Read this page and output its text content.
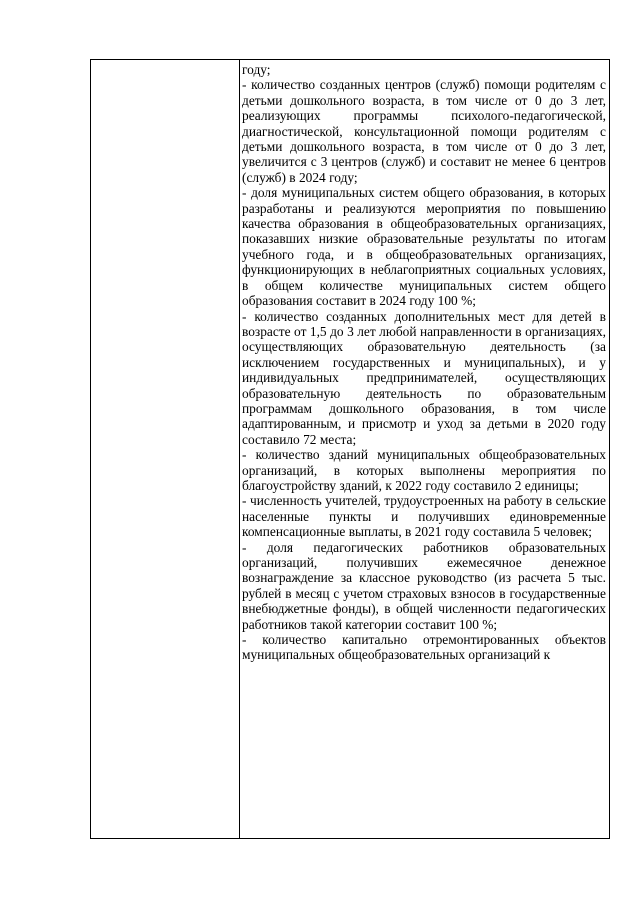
году;

- количество созданных центров (служб) помощи родителям с детьми дошкольного возраста, в том числе от 0 до 3 лет, реализующих программы психолого-педагогической, диагностической, консультационной помощи родителям с детьми дошкольного возраста, в том числе от 0 до 3 лет, увеличится с 3 центров (служб) и составит не менее 6 центров (служб) в 2024 году;

- доля муниципальных систем общего образования, в которых разработаны и реализуются мероприятия по повышению качества образования в общеобразовательных организациях, показавших низкие образовательные результаты по итогам учебного года, и в общеобразовательных организациях, функционирующих в неблагоприятных социальных условиях, в общем количестве муниципальных систем общего образования составит в 2024 году 100 %;

- количество созданных дополнительных мест для детей в возрасте от 1,5 до 3 лет любой направленности в организациях, осуществляющих образовательную деятельность (за исключением государственных и муниципальных), и у индивидуальных предпринимателей, осуществляющих образовательную деятельность по образовательным программам дошкольного образования, в том числе адаптированным, и присмотр и уход за детьми в 2020 году составило 72 места;

- количество зданий муниципальных общеобразовательных организаций, в которых выполнены мероприятия по благоустройству зданий, к 2022 году составило 2 единицы;

- численность учителей, трудоустроенных на работу в сельские населенные пункты и получивших единовременные компенсационные выплаты, в 2021 году составила 5 человек;

- доля педагогических работников образовательных организаций, получивших ежемесячное денежное вознаграждение за классное руководство (из расчета 5 тыс. рублей в месяц с учетом страховых взносов в государственные внебюджетные фонды), в общей численности педагогических работников такой категории составит 100 %;

- количество капитально отремонтированных объектов муниципальных общеобразовательных организаций к
